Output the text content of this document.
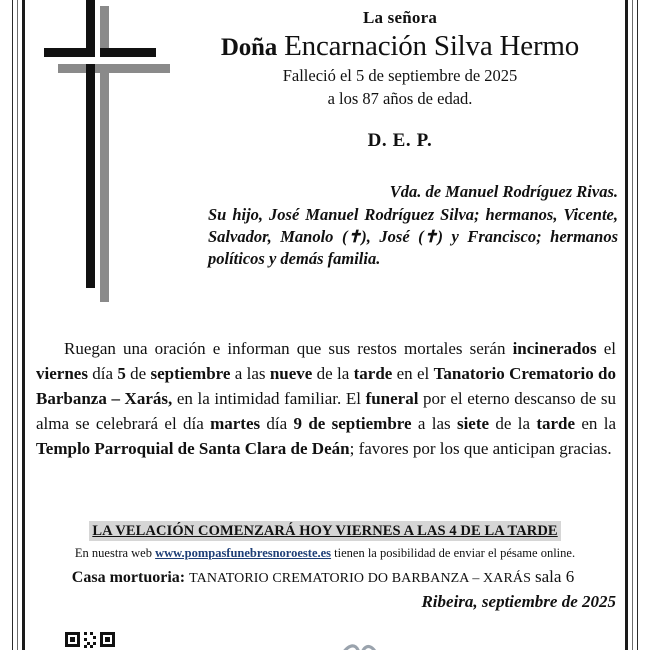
La señora
Doña Encarnación Silva Hermo
Falleció el 5 de septiembre de 2025
a los 87 años de edad.
D. E. P.
Vda. de Manuel Rodríguez Rivas.
Su hijo, José Manuel Rodríguez Silva; hermanos, Vicente, Salvador, Manolo (✝), José (✝) y Francisco; hermanos políticos y demás familia.
Ruegan una oración e informan que sus restos mortales serán incinerados el viernes día 5 de septiembre a las nueve de la tarde en el Tanatorio Crematorio do Barbanza – Xarás, en la intimidad familiar. El funeral por el eterno descanso de su alma se celebrará el día martes día 9 de septiembre a las siete de la tarde en la Templo Parroquial de Santa Clara de Deán; favores por los que anticipan gracias.
LA VELACIÓN COMENZARÁ HOY VIERNES A LAS 4 DE LA TARDE
En nuestra web www.pompasfunebresnoroeste.es tienen la posibilidad de enviar el pésame online.
Casa mortuoria: TANATORIO CREMATORIO DO BARBANZA – XARÁS sala 6
Ribeira, septiembre de 2025
